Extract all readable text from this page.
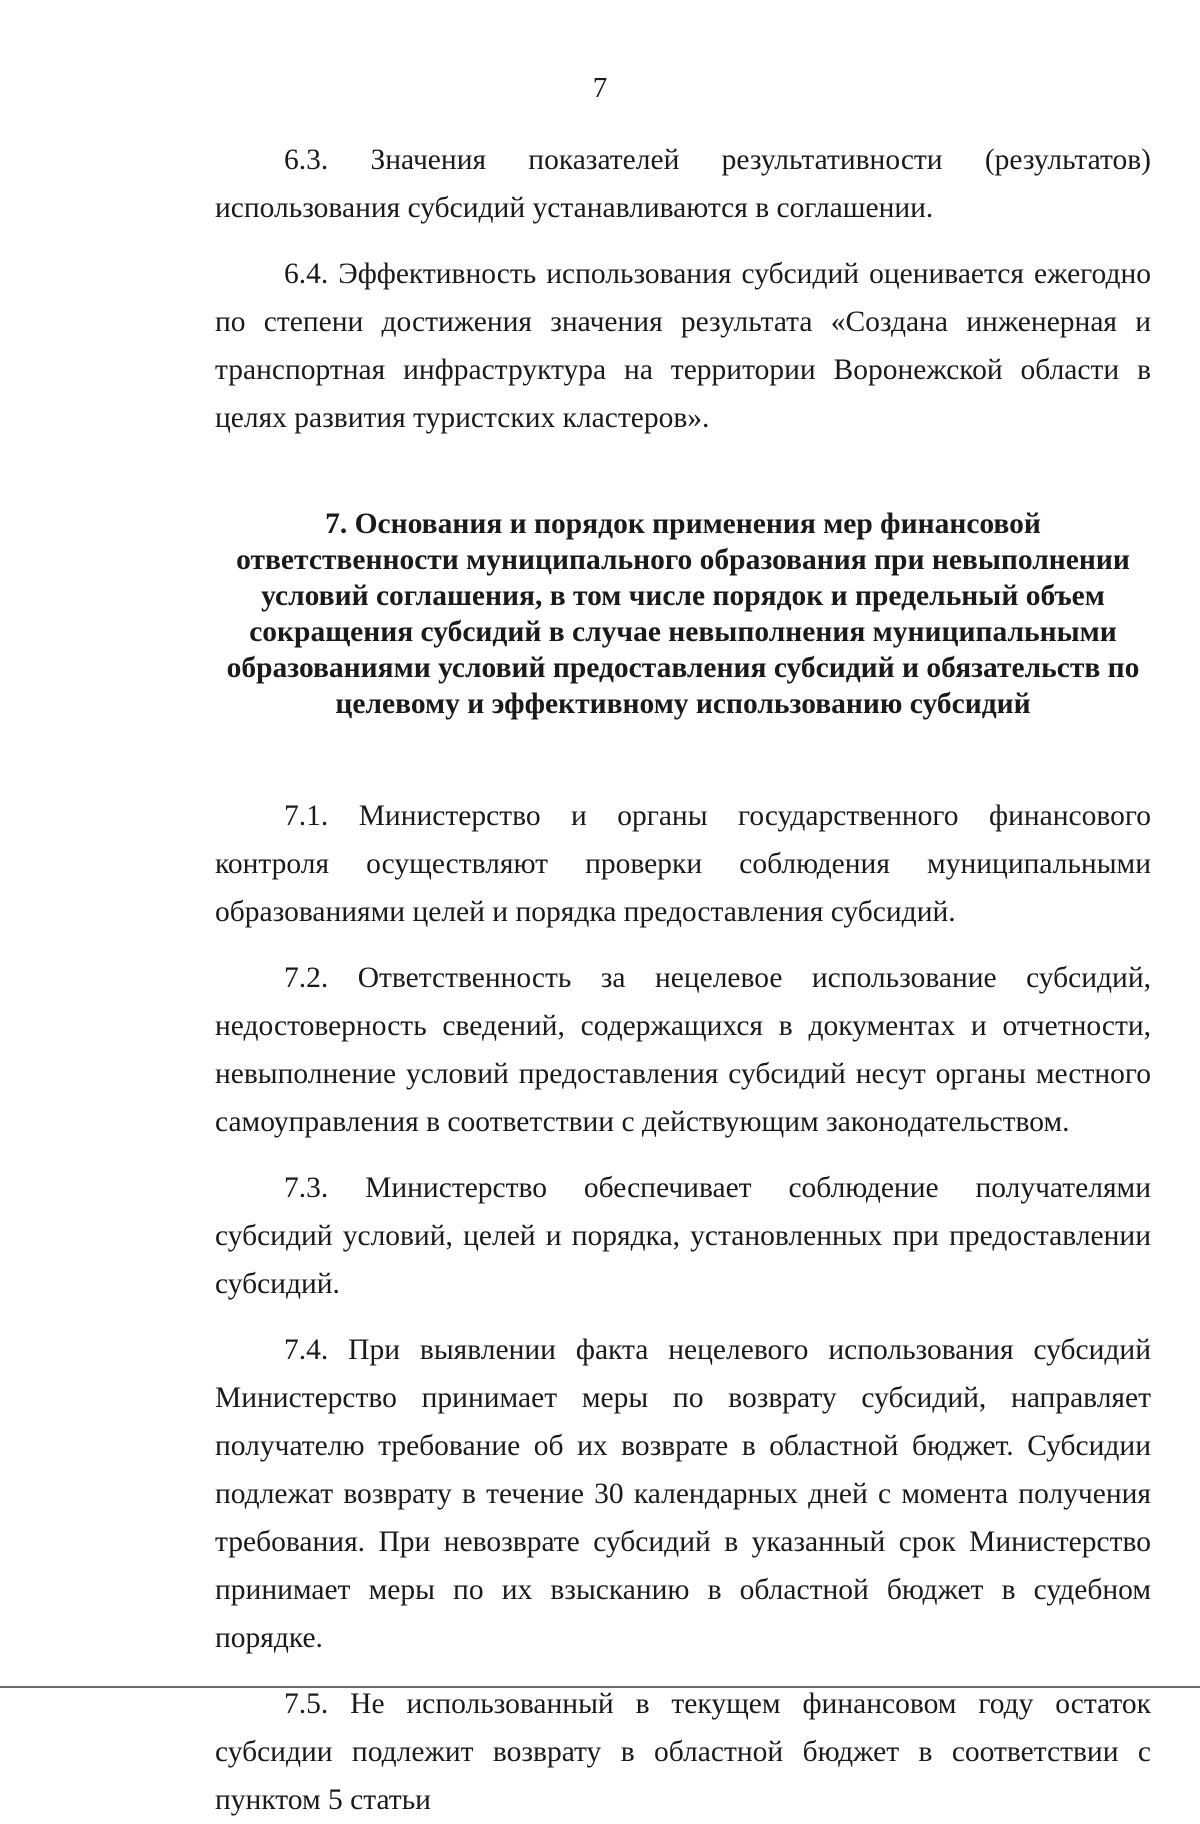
7

6.3. Значения показателей результативности (результатов) использования субсидий устанавливаются в соглашении.

6.4. Эффективность использования субсидий оценивается ежегодно по степени достижения значения результата «Создана инженерная и транспортная инфраструктура на территории Воронежской области в целях развития туристских кластеров».

7. Основания и порядок применения мер финансовой ответственности муниципального образования при невыполнении условий соглашения, в том числе порядок и предельный объем сокращения субсидий в случае невыполнения муниципальными образованиями условий предоставления субсидий и обязательств по целевому и эффективному использованию субсидий

7.1. Министерство и органы государственного финансового контроля осуществляют проверки соблюдения муниципальными образованиями целей и порядка предоставления субсидий.

7.2. Ответственность за нецелевое использование субсидий, недостоверность сведений, содержащихся в документах и отчетности, невыполнение условий предоставления субсидий несут органы местного самоуправления в соответствии с действующим законодательством.

7.3. Министерство обеспечивает соблюдение получателями субсидий условий, целей и порядка, установленных при предоставлении субсидий.

7.4. При выявлении факта нецелевого использования субсидий Министерство принимает меры по возврату субсидий, направляет получателю требование об их возврате в областной бюджет. Субсидии подлежат возврату в течение 30 календарных дней с момента получения требования. При невозврате субсидий в указанный срок Министерство принимает меры по их взысканию в областной бюджет в судебном порядке.

7.5. Не использованный в текущем финансовом году остаток субсидии подлежит возврату в областной бюджет в соответствии с пунктом 5 статьи
